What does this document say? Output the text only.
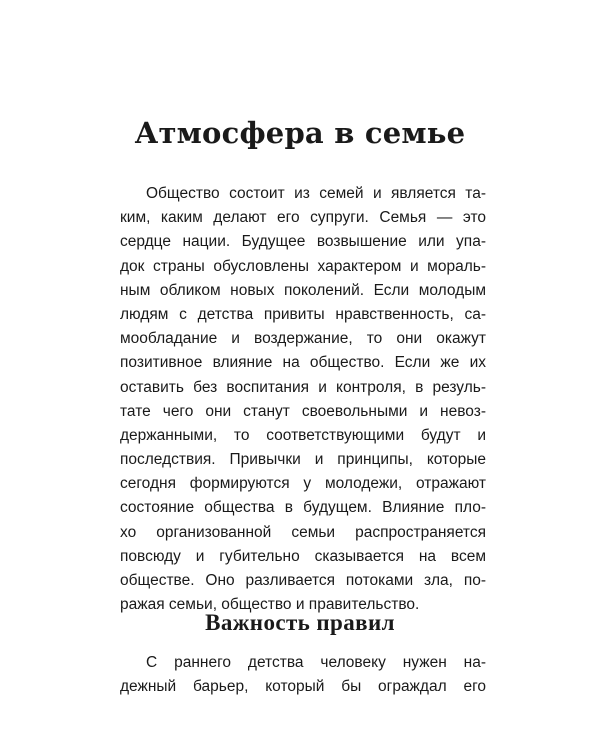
Атмосфера в семье
Общество состоит из семей и является та-
ким, каким делают его супруги. Семья — это
сердце нации. Будущее возвышение или упа-
док страны обусловлены характером и мораль-
ным обликом новых поколений. Если молодым
людям с детства привиты нравственность, са-
мообладание и воздержание, то они окажут
позитивное влияние на общество. Если же их
оставить без воспитания и контроля, в резуль-
тате чего они станут своевольными и невоз-
держанными, то соответствующими будут и
последствия. Привычки и принципы, которые
сегодня формируются у молодежи, отражают
состояние общества в будущем. Влияние пло-
хо организованной семьи распространяется
повсюду и губительно сказывается на всем
обществе. Оно разливается потоками зла, по-
ражая семьи, общество и правительство.
Важность правил
С раннего детства человеку нужен на-
дежный барьер, который бы ограждал его
